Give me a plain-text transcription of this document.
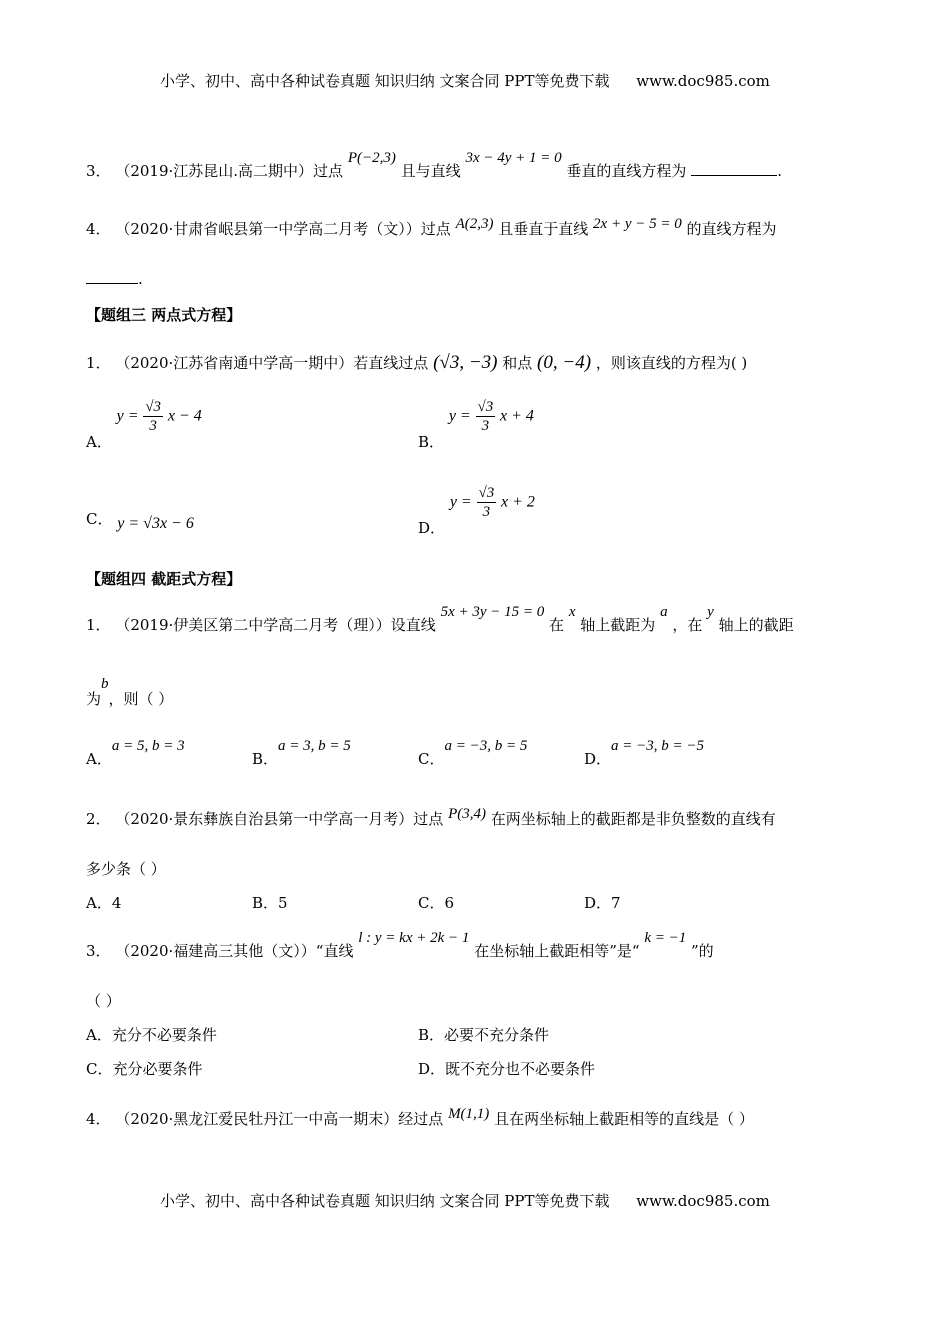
小学、初中、高中各种试卷真题 知识归纳 文案合同 PPT等免费下载 www.doc985.com
3． （2019·江苏昆山.高二期中）过点 P(−2,3) 且与直线 3x − 4y + 1 = 0 垂直的直线方程为	.
4． （2020·甘肃省岷县第一中学高二月考（文））过点 A(2,3) 且垂直于直线 2x + y − 5 = 0 的直线方程为
.
【题组三 两点式方程】
1． （2020·江苏省南通中学高一期中）若直线过点 (√3, −3) 和点 (0, −4) ，则该直线的方程为( )
A． $y = \frac{√3}{3}$ x − 4
B． $y = \frac{√3}{3}$ x + 4
C． y = √3x − 6	D． $y = \frac{√3}{3}$ x + 2
【题组四 截距式方程】
1． （2019·伊美区第二中学高二月考（理））设直线 5x + 3y − 15 = 0 在 x 轴上截距为 a ，在 y 轴上的截距
为b，则（ ）
A．a = 5, b = 3
B．a = 3, b = 5
C．a = −3, b = 5
D．a = −3, b = −5
2． （2020·景东彝族自治县第一中学高一月考）过点 P(3,4) 在两坐标轴上的截距都是非负整数的直线有
多少条（ ）
A．4	B．5	C．6	D．7
3． （2020·福建高三其他（文））“直线 l : y = kx + 2k − 1 在坐标轴上截距相等”是“ k = −1 ”的
（ ）
A．充分不必要条件	B．必要不充分条件
C．充分必要条件	D．既不充分也不必要条件
4． （2020·黑龙江爱民牡丹江一中高一期末）经过点 M(1,1) 且在两坐标轴上截距相等的直线是（ ）
小学、初中、高中各种试卷真题 知识归纳 文案合同 PPT等免费下载 www.doc985.com
